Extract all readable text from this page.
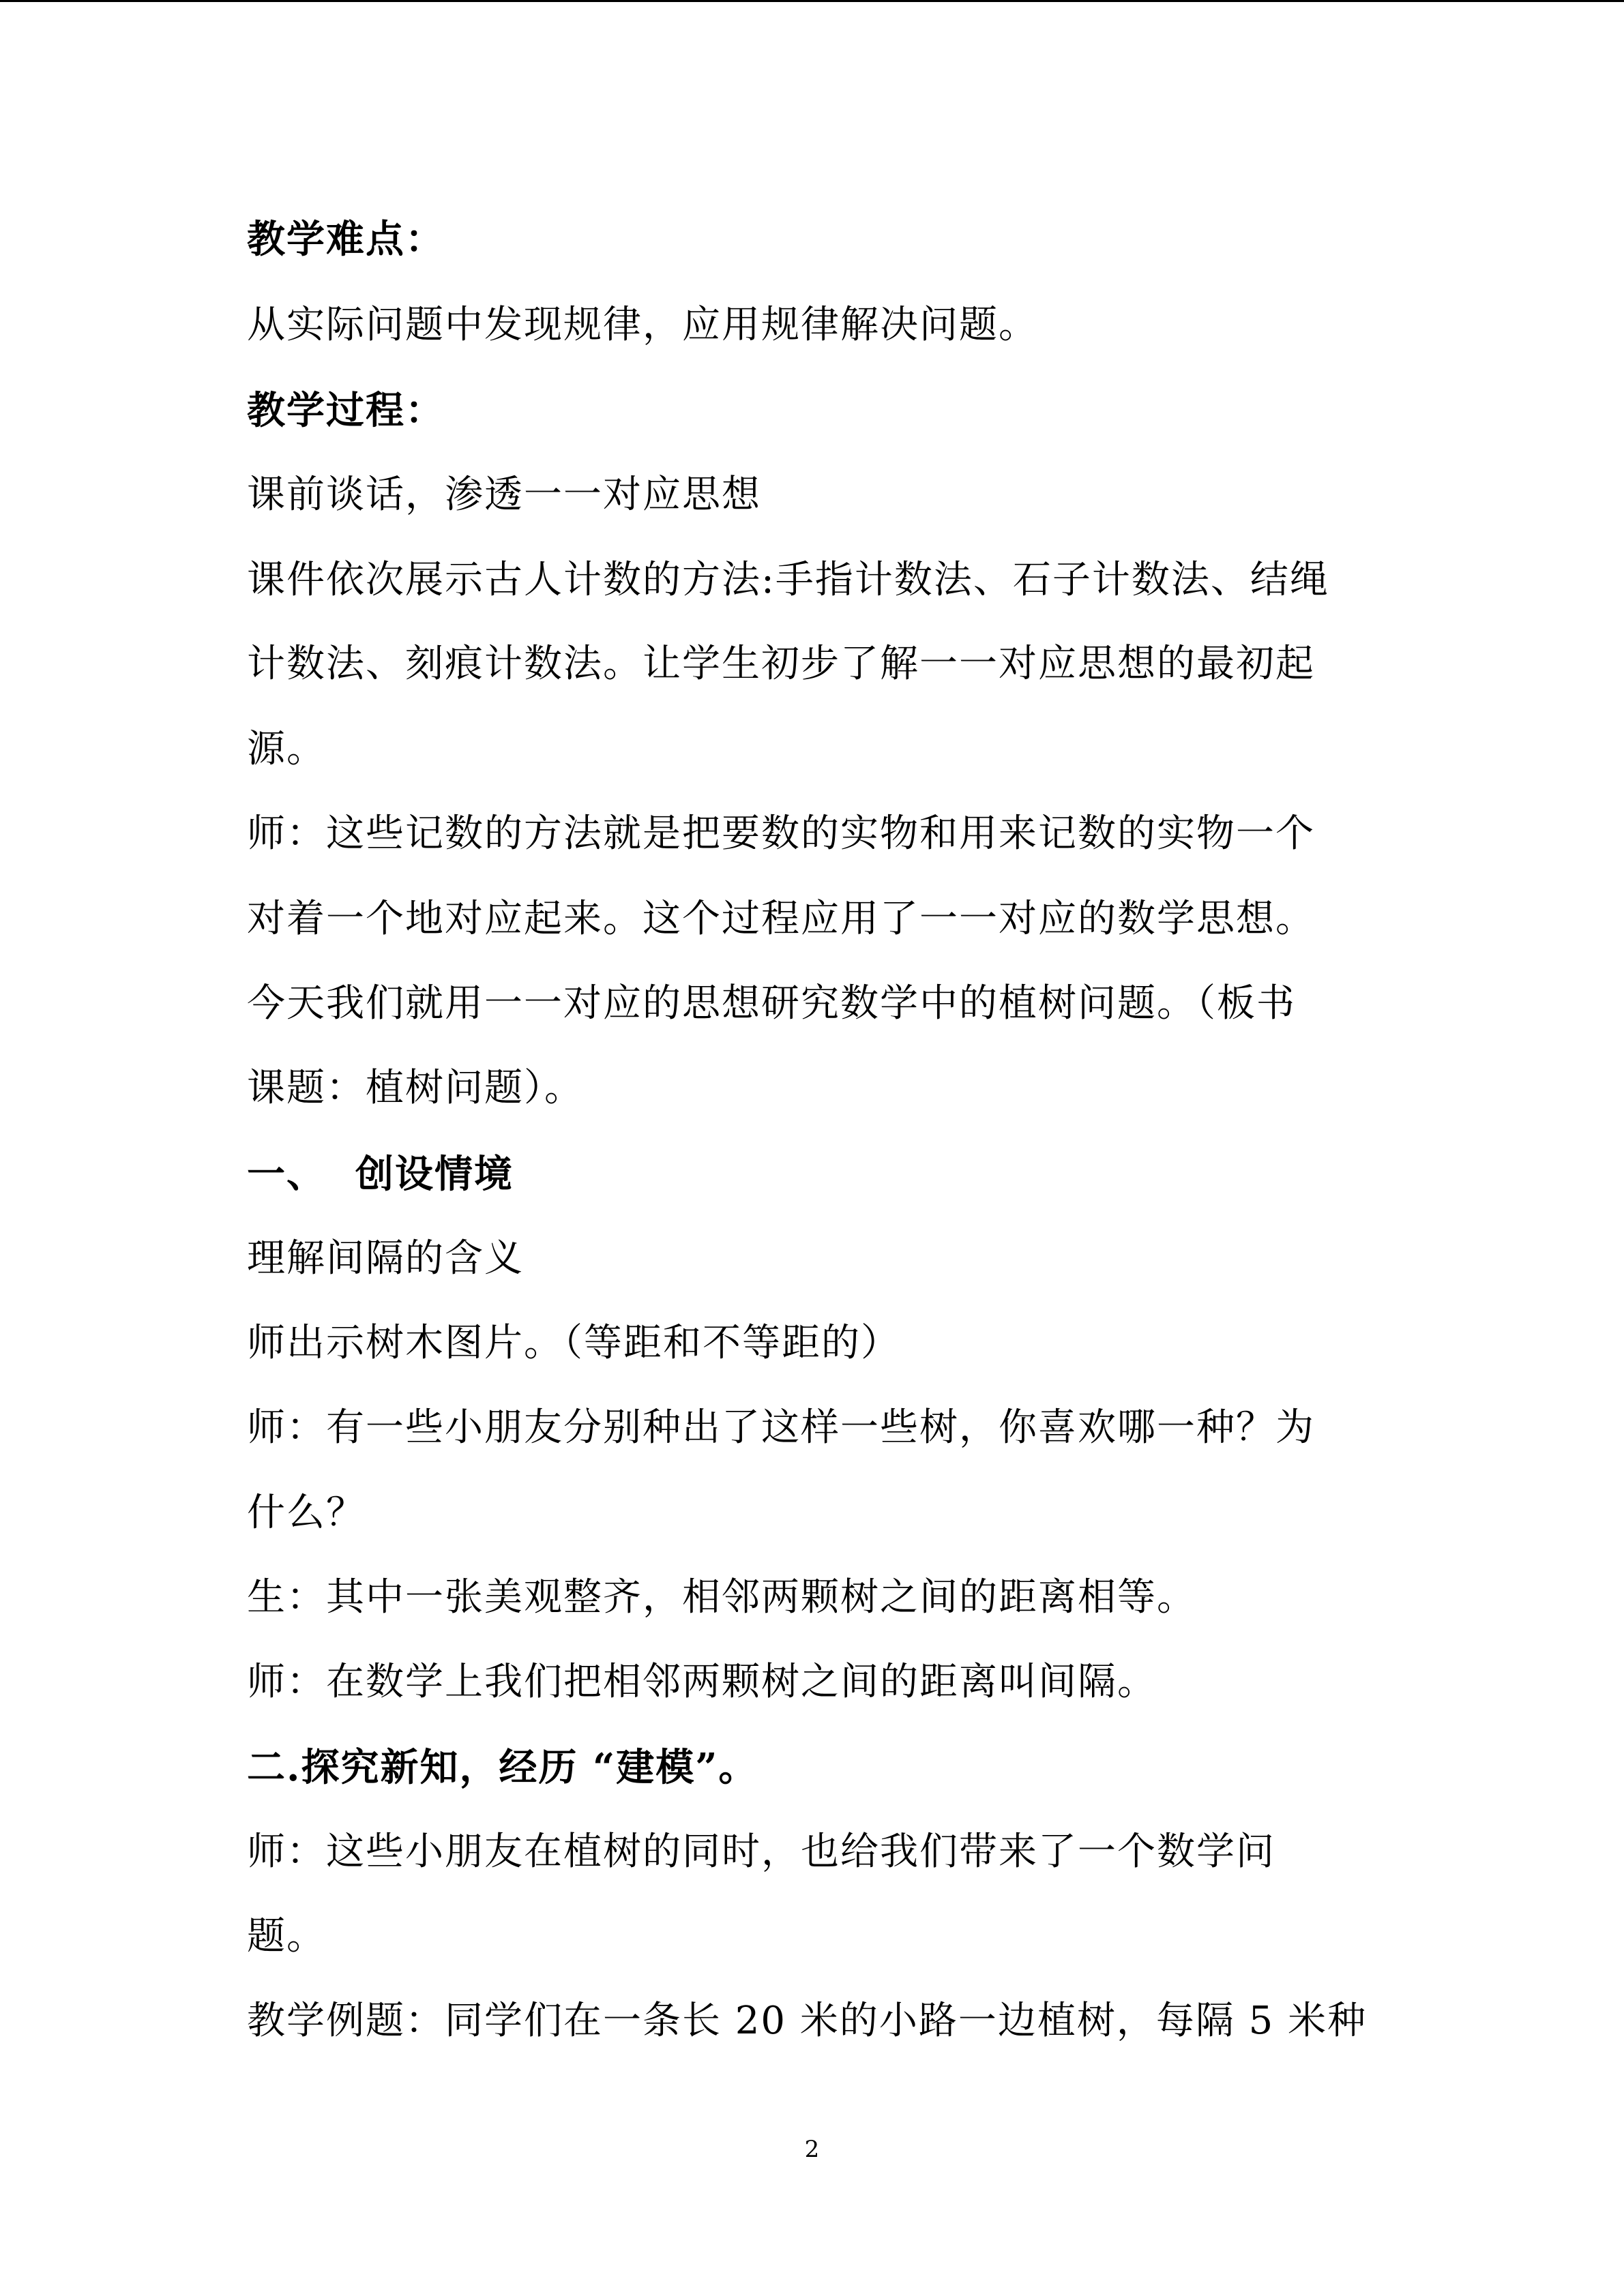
教学难点：
从实际问题中发现规律，应用规律解决问题。
教学过程：
课前谈话，渗透一一对应思想
课件依次展示古人计数的方法:手指计数法、石子计数法、结绳
计数法、刻痕计数法。让学生初步了解一一对应思想的最初起
源。
师：这些记数的方法就是把要数的实物和用来记数的实物一个
对着一个地对应起来。这个过程应用了一一对应的数学思想。
今天我们就用一一对应的思想研究数学中的植树问题。（板书
课题：植树问题）。
一、  创设情境
理解间隔的含义
师出示树木图片。（等距和不等距的）
师：有一些小朋友分别种出了这样一些树，你喜欢哪一种？为
什么？
生：其中一张美观整齐，相邻两颗树之间的距离相等。
师：在数学上我们把相邻两颗树之间的距离叫间隔。
二.探究新知，经历 “建模”。
师：这些小朋友在植树的同时，也给我们带来了一个数学问
题。
教学例题：同学们在一条长 20 米的小路一边植树，每隔 5 米种
2
